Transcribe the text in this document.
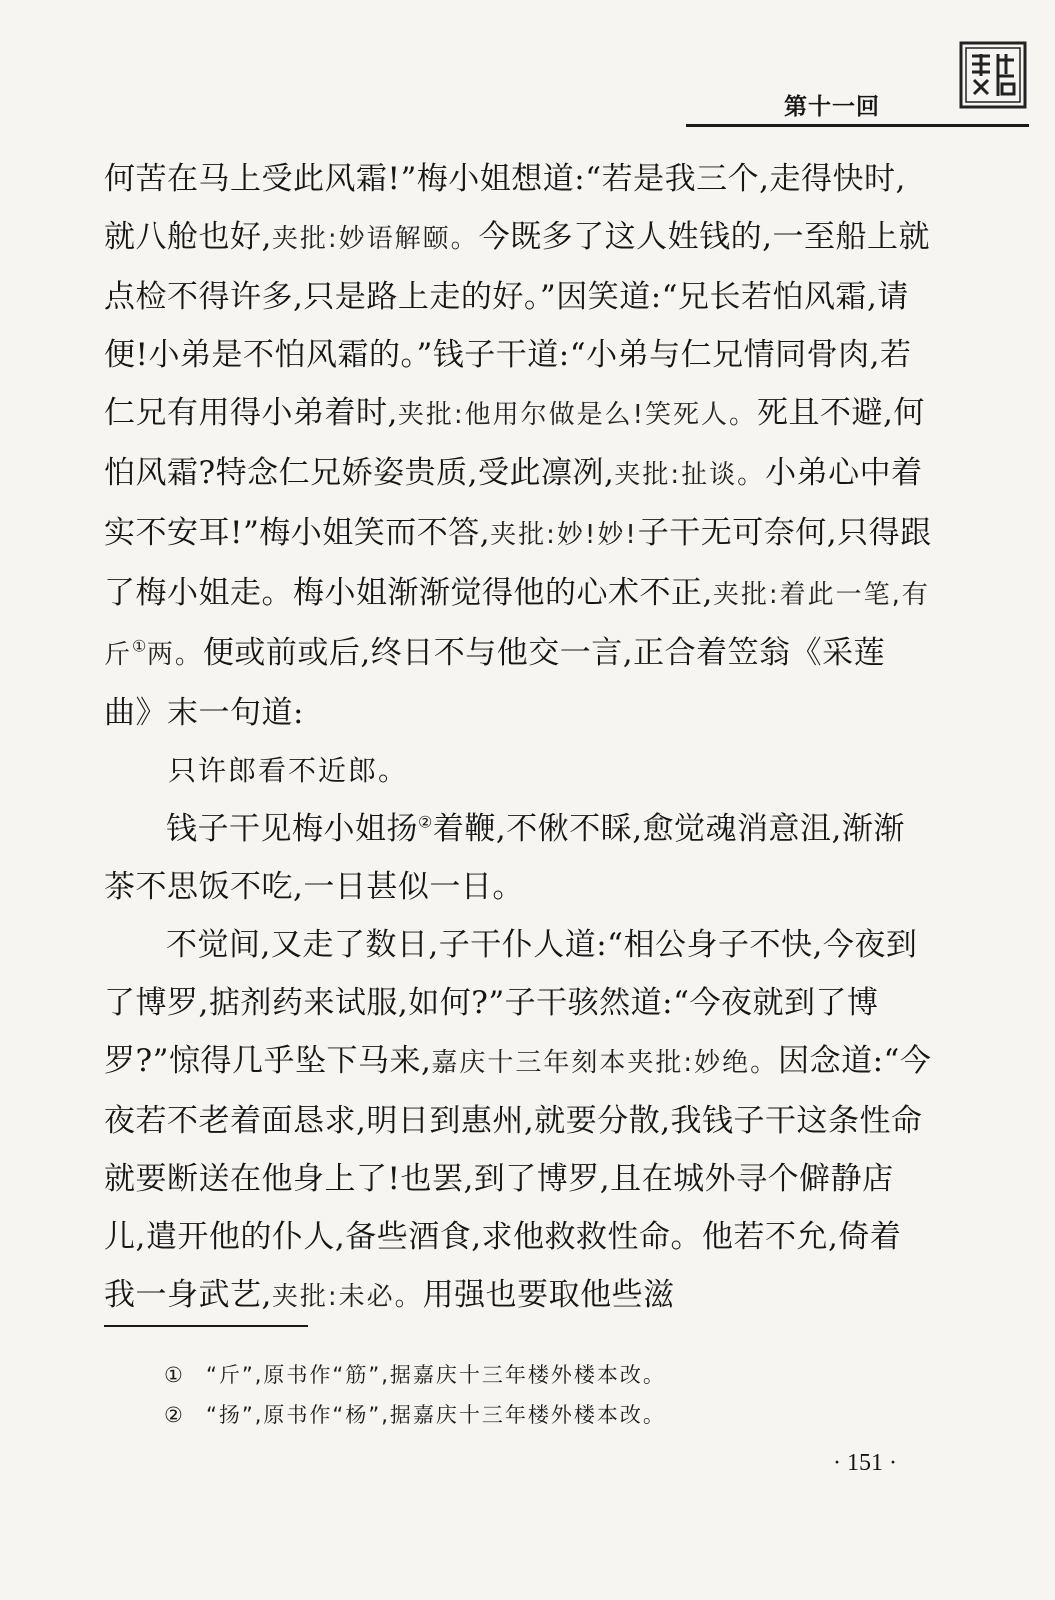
第十一回

何苦在马上受此风霜!”梅小姐想道:“若是我三个,走得快时,就八舱也好,夹批:妙语解颐。今既多了这人姓钱的,一至船上就点检不得许多,只是路上走的好。”因笑道:“兄长若怕风霜,请便!小弟是不怕风霜的。”钱子干道:“小弟与仁兄情同骨肉,若仁兄有用得小弟着时,夹批:他用尔做是么!笑死人。死且不避,何怕风霜?特念仁兄娇姿贵质,受此凛冽,夹批:扯谈。小弟心中着实不安耳!”梅小姐笑而不答,夹批:妙!妙!子干无可奈何,只得跟了梅小姐走。梅小姐渐渐觉得他的心术不正,夹批:着此一笔,有斤①两。便或前或后,终日不与他交一言,正合着笠翁《采莲曲》末一句道:

只许郎看不近郎。

钱子干见梅小姐扬②着鞭,不偢不睬,愈觉魂消意沮,渐渐茶不思饭不吃,一日甚似一日。

不觉间,又走了数日,子干仆人道:“相公身子不快,今夜到了博罗,掂剂药来试服,如何?”子干骇然道:“今夜就到了博罗?”惊得几乎坠下马来,嘉庆十三年刻本夹批:妙绝。因念道:“今夜若不老着面恳求,明日到惠州,就要分散,我钱子干这条性命就要断送在他身上了!也罢,到了博罗,且在城外寻个僻静店儿,遣开他的仆人,备些酒食,求他救救性命。他若不允,倚着我一身武艺,夹批:未必。用强也要取他些滋

① “斤”,原书作“筋”,据嘉庆十三年楼外楼本改。
② “扬”,原书作“杨”,据嘉庆十三年楼外楼本改。
· 151 ·
